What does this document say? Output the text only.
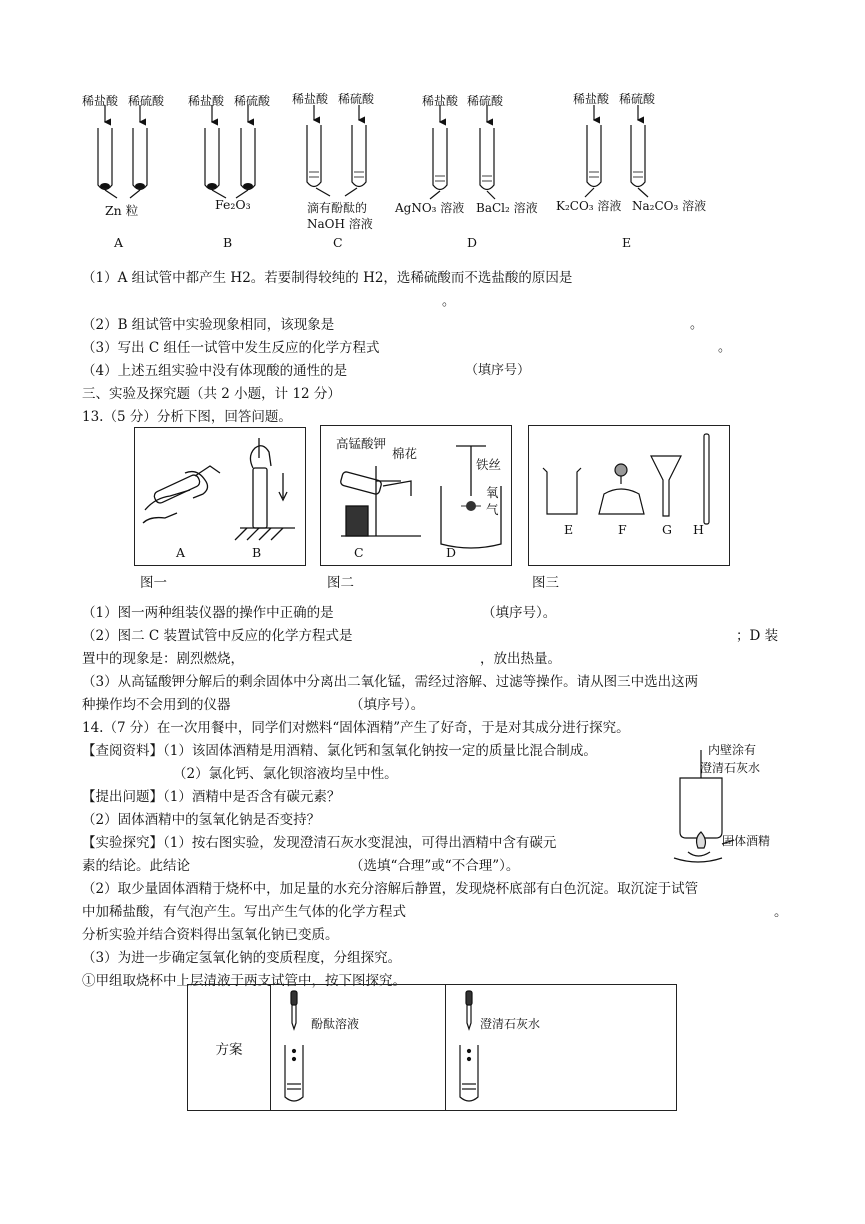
稀盐酸 稀硫酸 稀盐酸 稀硫酸 稀盐酸 稀硫酸	稀盐酸 稀硫酸	稀盐酸 稀硫酸
Zn 粒	Fe₂O₃	滴有酚酞的
NaOH 溶液
AgNO₃ 溶液 BaCl₂ 溶液 K₂CO₃ 溶液 Na₂CO₃ 溶液
A	B	C	D	E
（1）A 组试管中都产生 H2。若要制得较纯的 H2，选稀硫酸而不选盐酸的原因是
。
（2）B 组试管中实验现象相同，该现象是	。
（3）写出 C 组任一试管中发生反应的化学方程式	。
（4）上述五组实验中没有体现酸的通性的是	（填序号）
三、实验及探究题（共 2 小题，计 12 分）
13.（5 分）分析下图，回答问题。
A	B
高锰酸钾
棉花
铁丝
氧
气
C	D
E	F	G H
图一	图二	图三
（1）图一两种组装仪器的操作中正确的是	（填序号）。
（2）图二 C 装置试管中反应的化学方程式是	；D 装
置中的现象是：剧烈燃烧，	，放出热量。
（3）从高锰酸钾分解后的剩余固体中分离出二氧化锰，需经过溶解、过滤等操作。请从图三中选出这两
种操作均不会用到的仪器	（填序号）。
14.（7 分）在一次用餐中，同学们对燃料“固体酒精”产生了好奇，于是对其成分进行探究。
【查阅资料】（1）该固体酒精是用酒精、氯化钙和氢氧化钠按一定的质量比混合制成。
（2）氯化钙、氯化钡溶液均呈中性。
【提出问题】（1）酒精中是否含有碳元素？
（2）固体酒精中的氢氧化钠是否变持？
【实验探究】（1）按右图实验，发现澄清石灰水变混浊，可得出酒精中含有碳元
素的结论。此结论	（选填“合理”或“不合理”）。
内壁涂有
澄清石灰水
固体酒精
（2）取少量固体酒精于烧杯中，加足量的水充分溶解后静置，发现烧杯底部有白色沉淀。取沉淀于试管
中加稀盐酸，有气泡产生。写出产生气体的化学方程式	。
分析实验并结合资料得出氢氧化钠已变质。
（3）为进一步确定氢氧化钠的变质程度，分组探究。
①甲组取烧杯中上层清液于两支试管中，按下图探究。
方案	
酚酞溶液	澄清石灰水
